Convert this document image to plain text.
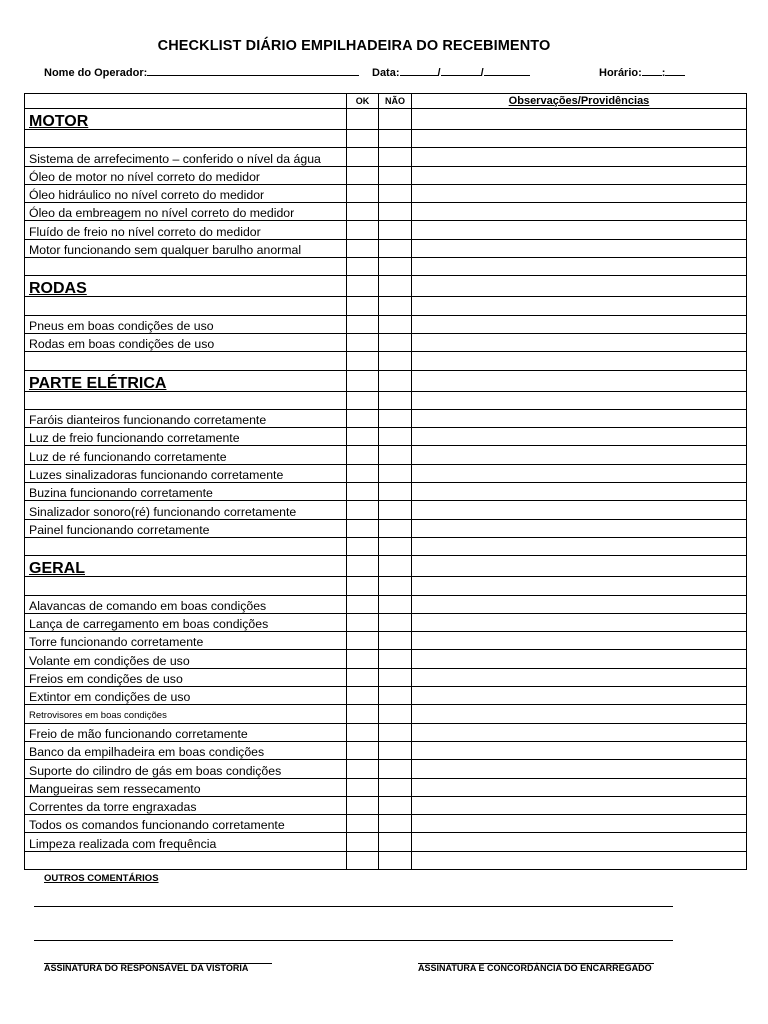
CHECKLIST DIÁRIO EMPILHADEIRA DO RECEBIMENTO
Nome do Operador:	Data:	/	/	Horário: :
	OK	NÃO	Observações/Providências
MOTOR			

Sistema de arrefecimento – conferido o nível da água			
Óleo de motor no nível correto do medidor			
Óleo hidráulico no nível correto do medidor			
Óleo da embreagem no nível correto do medidor			
Fluído de freio no nível correto do medidor			
Motor funcionando sem qualquer barulho anormal			

RODAS			

Pneus em boas condições de uso			
Rodas em boas condições de uso			

PARTE ELÉTRICA			

Faróis dianteiros funcionando corretamente			
Luz de freio funcionando corretamente			
Luz de ré funcionando corretamente			
Luzes sinalizadoras funcionando corretamente			
Buzina funcionando corretamente			
Sinalizador sonoro(ré) funcionando corretamente			
Painel funcionando corretamente			

GERAL			

Alavancas de comando em boas condições			
Lança de carregamento em boas condições			
Torre funcionando corretamente			
Volante em condições de uso			
Freios em condições de uso			
Extintor em condições de uso			
Retrovisores em boas condições			
Freio de mão funcionando corretamente			
Banco da empilhadeira em boas condições			
Suporte do cilindro de gás em boas condições			
Mangueiras sem ressecamento			
Correntes da torre engraxadas			
Todos os comandos funcionando corretamente			
Limpeza realizada com frequência			

OUTROS COMENTÁRIOS
ASSINATURA DO RESPONSÁVEL DA VISTORIA	ASSINATURA E CONCORDÂNCIA DO ENCARREGADO
